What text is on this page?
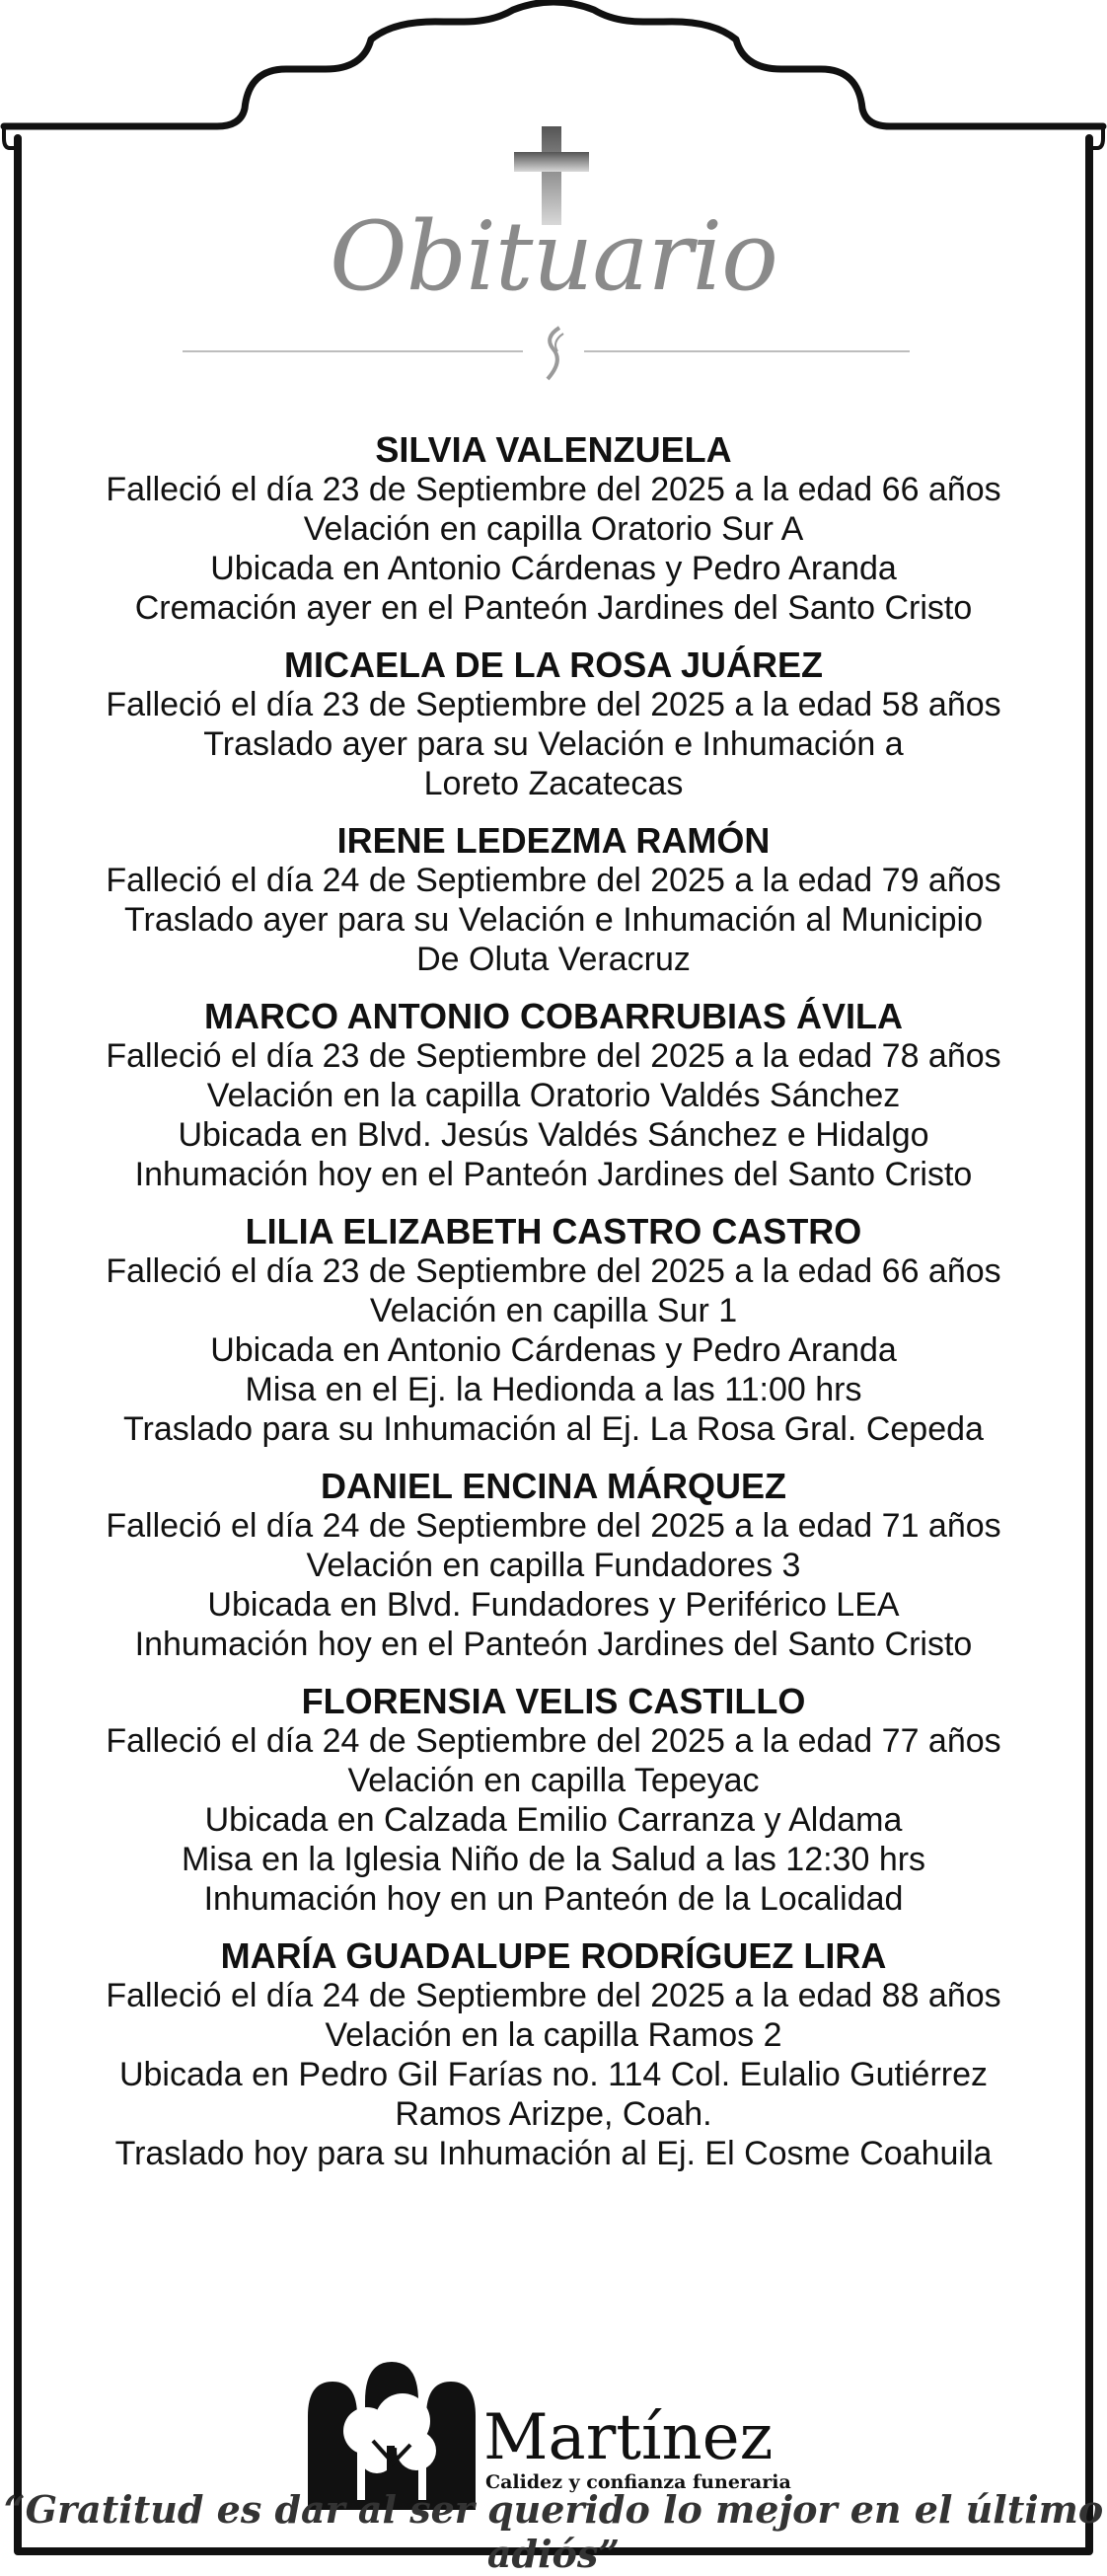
Obituario

SILVIA VALENZUELA

Falleció el día 23 de Septiembre del 2025 a la edad 66 años

Velación en capilla Oratorio Sur A

Ubicada en Antonio Cárdenas y Pedro Aranda

Cremación ayer en el Panteón Jardines del Santo Cristo

MICAELA DE LA ROSA JUÁREZ

Falleció el día 23 de Septiembre del 2025 a la edad 58 años

Traslado ayer para su Velación e Inhumación a

Loreto Zacatecas

IRENE LEDEZMA RAMÓN

Falleció el día 24 de Septiembre del 2025 a la edad 79 años

Traslado ayer para su Velación e Inhumación al Municipio

De Oluta Veracruz

MARCO ANTONIO COBARRUBIAS ÁVILA

Falleció el día 23 de Septiembre del 2025 a la edad 78 años

Velación en la capilla Oratorio Valdés Sánchez

Ubicada en Blvd. Jesús Valdés Sánchez e Hidalgo

Inhumación hoy en el Panteón Jardines del Santo Cristo

LILIA ELIZABETH CASTRO CASTRO

Falleció el día 23 de Septiembre del 2025 a la edad 66 años

Velación en capilla Sur 1

Ubicada en Antonio Cárdenas y Pedro Aranda

Misa en el Ej. la Hedionda a las 11:00 hrs

Traslado para su Inhumación al Ej. La Rosa Gral. Cepeda

DANIEL ENCINA MÁRQUEZ

Falleció el día 24 de Septiembre del 2025 a la edad 71 años

Velación en capilla Fundadores 3

Ubicada en Blvd. Fundadores y Periférico LEA

Inhumación hoy en el Panteón Jardines del Santo Cristo

FLORENSIA VELIS CASTILLO

Falleció el día 24 de Septiembre del 2025 a la edad 77 años

Velación en capilla Tepeyac

Ubicada en Calzada Emilio Carranza y Aldama

Misa en la Iglesia Niño de la Salud a las 12:30 hrs

Inhumación hoy en un Panteón de la Localidad

MARÍA GUADALUPE RODRÍGUEZ LIRA

Falleció el día 24 de Septiembre del 2025 a la edad 88 años

Velación en la capilla Ramos 2

Ubicada en Pedro Gil Farías no. 114 Col. Eulalio Gutiérrez

Ramos Arizpe, Coah.

Traslado hoy para su Inhumación al Ej. El Cosme Coahuila

Martínez
Calidez y confianza funeraria
“Gratitud es dar al ser querido lo mejor en el último adiós”
